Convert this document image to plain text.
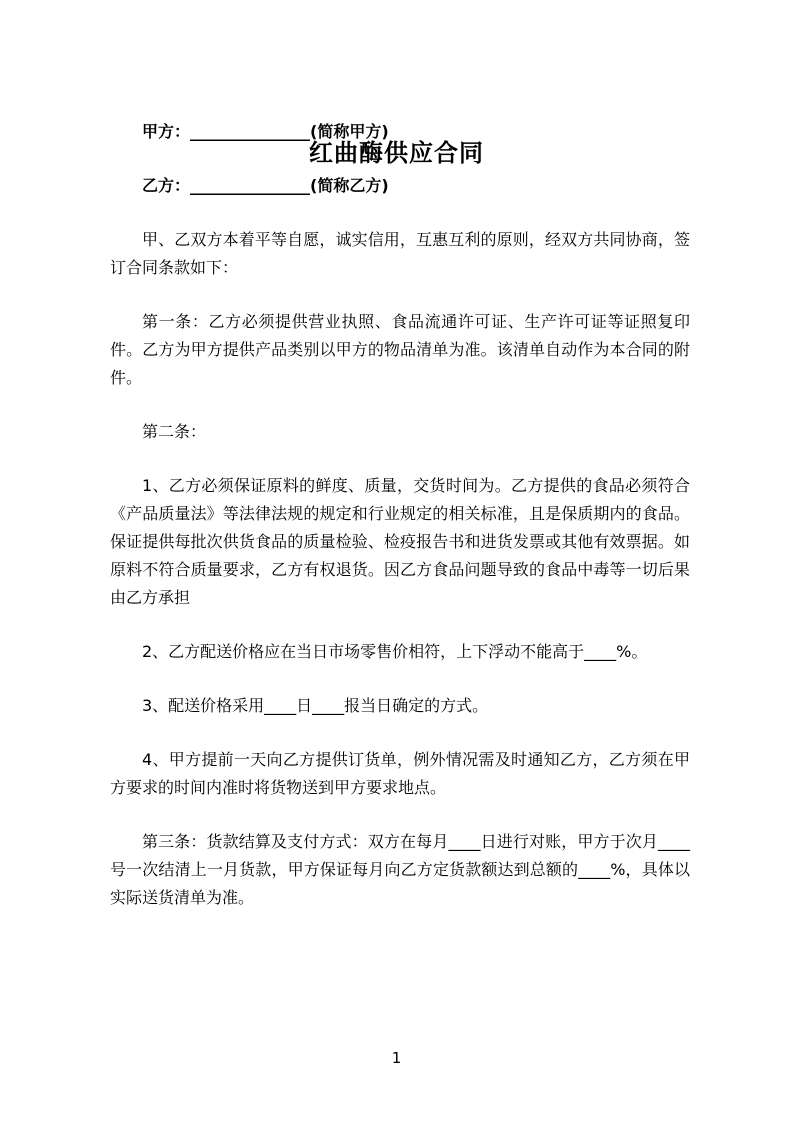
红曲酶供应合同

甲方：_______________(简称甲方)

乙方：_______________(简称乙方)

甲、乙双方本着平等自愿，诚实信用，互惠互利的原则，经双方共同协商，签订合同条款如下：

第一条：乙方必须提供营业执照、食品流通许可证、生产许可证等证照复印件。乙方为甲方提供产品类别以甲方的物品清单为准。该清单自动作为本合同的附件。

第二条：

1、乙方必须保证原料的鲜度、质量，交货时间为。乙方提供的食品必须符合《产品质量法》等法律法规的规定和行业规定的相关标准，且是保质期内的食品。保证提供每批次供货食品的质量检验、检疫报告书和进货发票或其他有效票据。如原料不符合质量要求，乙方有权退货。因乙方食品问题导致的食品中毒等一切后果由乙方承担

2、乙方配送价格应在当日市场零售价相符，上下浮动不能高于____%。

3、配送价格采用____日____报当日确定的方式。

4、甲方提前一天向乙方提供订货单，例外情况需及时通知乙方，乙方须在甲方要求的时间内准时将货物送到甲方要求地点。

第三条：货款结算及支付方式：双方在每月____日进行对账，甲方于次月____号一次结清上一月货款，甲方保证每月向乙方定货款额达到总额的____%，具体以实际送货清单为准。

1
